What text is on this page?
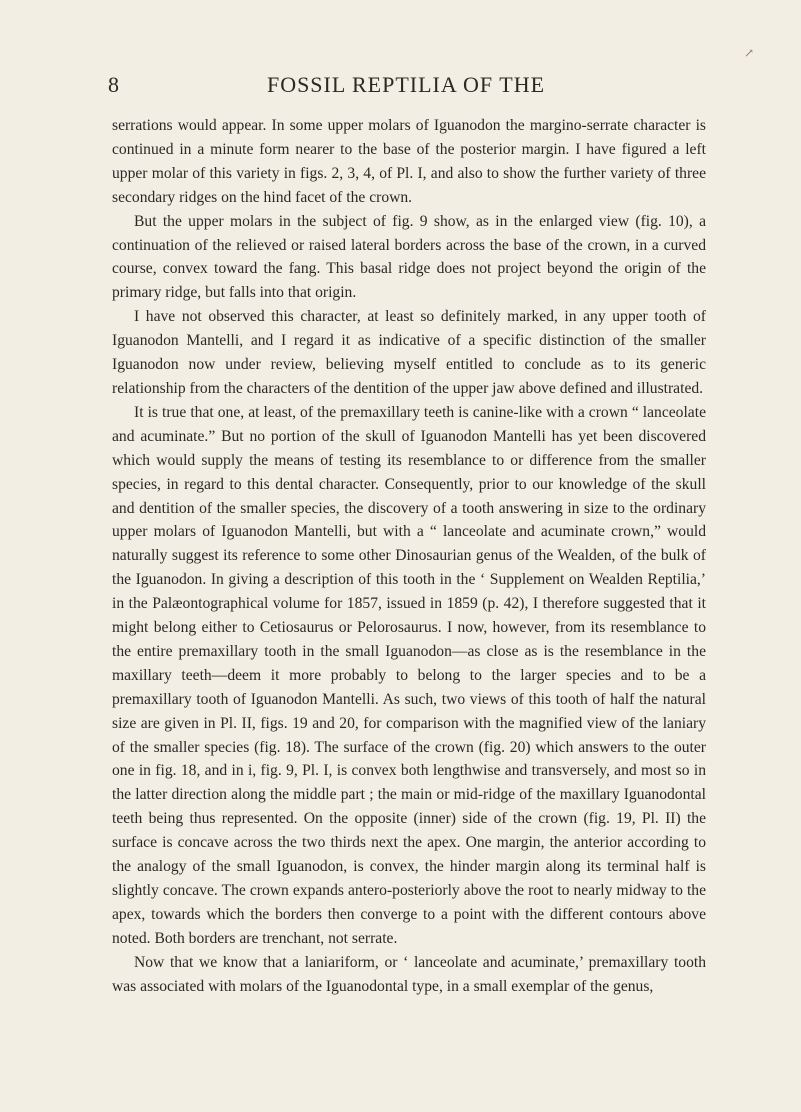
↗
8	FOSSIL REPTILIA OF THE

serrations would appear. In some upper molars of Iguanodon the margino-serrate character is continued in a minute form nearer to the base of the posterior margin. I have figured a left upper molar of this variety in figs. 2, 3, 4, of Pl. I, and also to show the further variety of three secondary ridges on the hind facet of the crown.

But the upper molars in the subject of fig. 9 show, as in the enlarged view (fig. 10), a continuation of the relieved or raised lateral borders across the base of the crown, in a curved course, convex toward the fang. This basal ridge does not project beyond the origin of the primary ridge, but falls into that origin.

I have not observed this character, at least so definitely marked, in any upper tooth of Iguanodon Mantelli, and I regard it as indicative of a specific distinction of the smaller Iguanodon now under review, believing myself entitled to conclude as to its generic relationship from the characters of the dentition of the upper jaw above defined and illustrated.

It is true that one, at least, of the premaxillary teeth is canine-like with a crown “ lanceolate and acuminate.” But no portion of the skull of Iguanodon Mantelli has yet been discovered which would supply the means of testing its resemblance to or difference from the smaller species, in regard to this dental character. Consequently, prior to our knowledge of the skull and dentition of the smaller species, the discovery of a tooth answering in size to the ordinary upper molars of Iguanodon Mantelli, but with a “ lanceolate and acuminate crown,” would naturally suggest its reference to some other Dinosaurian genus of the Wealden, of the bulk of the Iguanodon. In giving a description of this tooth in the ‘ Supplement on Wealden Reptilia,’ in the Palæontographical volume for 1857, issued in 1859 (p. 42), I therefore suggested that it might belong either to Cetiosaurus or Pelorosaurus. I now, however, from its resemblance to the entire premaxillary tooth in the small Iguanodon—as close as is the resemblance in the maxillary teeth—deem it more probably to belong to the larger species and to be a premaxillary tooth of Iguanodon Mantelli. As such, two views of this tooth of half the natural size are given in Pl. II, figs. 19 and 20, for comparison with the magnified view of the laniary of the smaller species (fig. 18). The surface of the crown (fig. 20) which answers to the outer one in fig. 18, and in i, fig. 9, Pl. I, is convex both lengthwise and transversely, and most so in the latter direction along the middle part ; the main or mid-ridge of the maxillary Iguanodontal teeth being thus represented. On the opposite (inner) side of the crown (fig. 19, Pl. II) the surface is concave across the two thirds next the apex. One margin, the anterior according to the analogy of the small Iguanodon, is convex, the hinder margin along its terminal half is slightly concave. The crown expands antero-posteriorly above the root to nearly midway to the apex, towards which the borders then converge to a point with the different contours above noted. Both borders are trenchant, not serrate.

Now that we know that a laniariform, or ‘ lanceolate and acuminate,’ premaxillary tooth was associated with molars of the Iguanodontal type, in a small exemplar of the genus,
